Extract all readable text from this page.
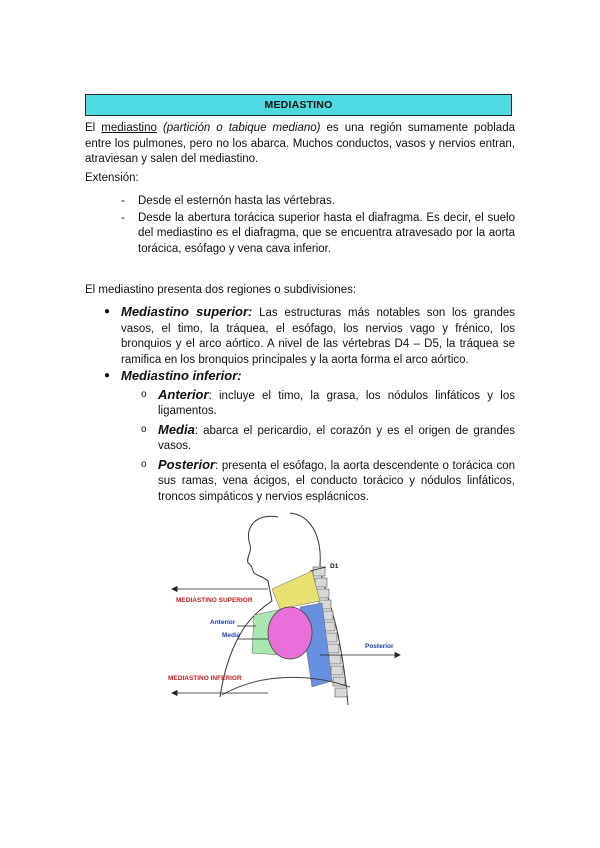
MEDIASTINO
El mediastino (partición o tabique mediano) es una región sumamente poblada entre los pulmones, pero no los abarca. Muchos conductos, vasos y nervios entran, atraviesan y salen del mediastino.
Extensión:
- Desde el esternón hasta las vértebras.
- Desde la abertura torácica superior hasta el diafragma. Es decir, el suelo del mediastino es el diafragma, que se encuentra atravesado por la aorta torácica, esófago y vena cava inferior.
El mediastino presenta dos regiones o subdivisiones:
● Mediastino superior: Las estructuras más notables son los grandes vasos, el timo, la tráquea, el esófago, los nervios vago y frénico, los bronquios y el arco aórtico. A nivel de las vértebras D4 – D5, la tráquea se ramifica en los bronquios principales y la aorta forma el arco aórtico.
● Mediastino inferior:
o Anterior: incluye el timo, la grasa, los nódulos linfáticos y los ligamentos.
o Media: abarca el pericardio, el corazón y es el origen de grandes vasos.
o Posterior: presenta el esófago, la aorta descendente o torácica con sus ramas, vena ácigos, el conducto torácico y nódulos linfáticos, troncos simpáticos y nervios esplácnicos.
D1
MEDIASTINO SUPERIOR
Anterior
Media
Posterior
MEDIASTINO INFERIOR
